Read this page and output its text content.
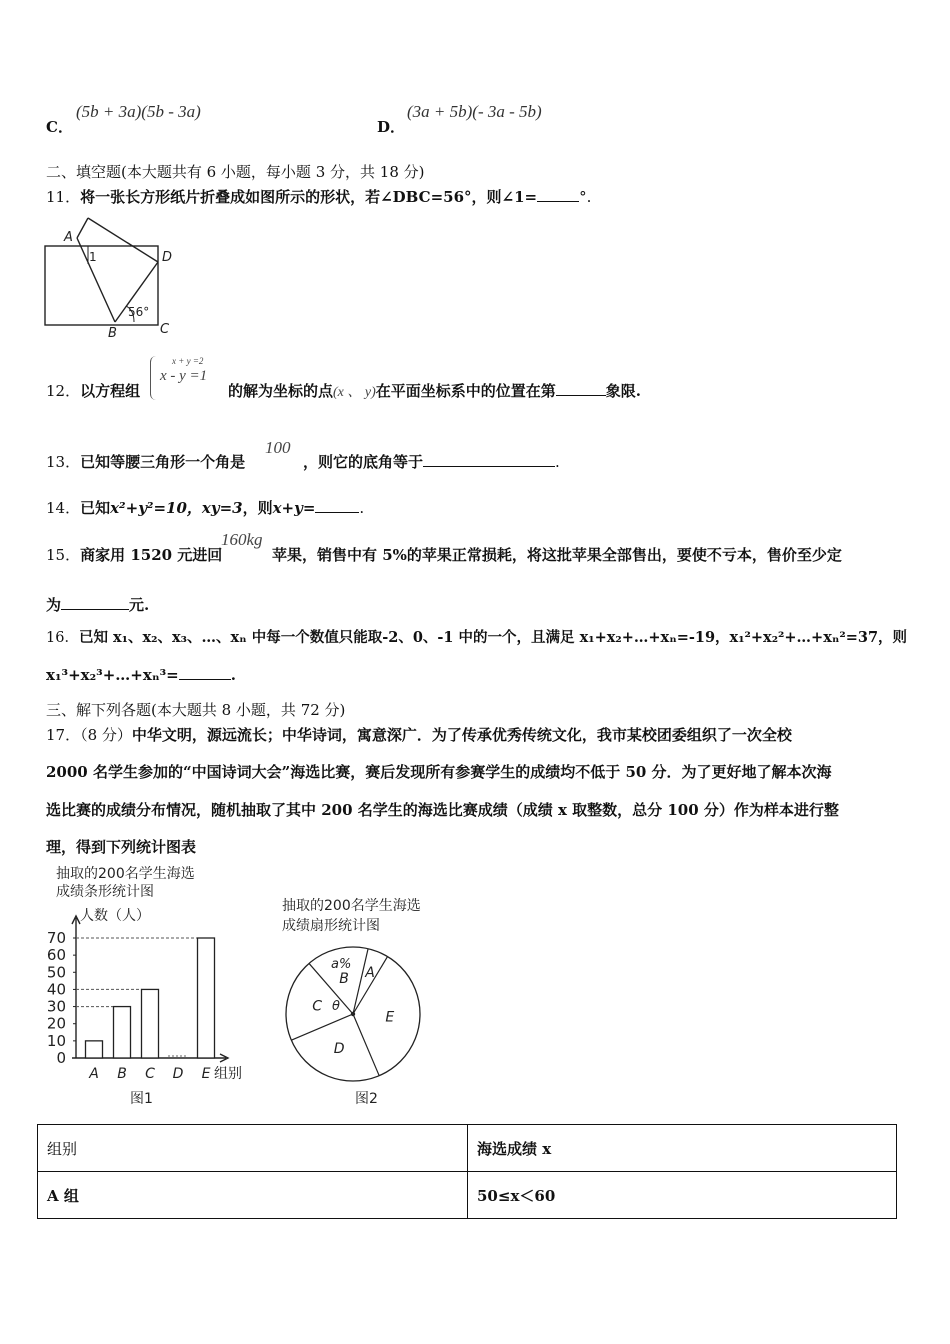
C．
(5b + 3a)(5b - 3a)
D．
(3a + 5b)(- 3a - 5b)
二、填空题(本大题共有 6 小题，每小题 3 分，共 18 分)
11．将一张长方形纸片折叠成如图所示的形状，若∠DBC=56°，则∠1=	°.
A
1	D
56°
B	C
12．以方程组
x + y =2
x - y =1
的解为坐标的点(x 、 y)在平面坐标系中的位置在第	象限.
13．已知等腰三角形一个角是
100
，则它的底角等于	.
14．已知x²+y²=10，xy=3，则x+y=	.
15．商家用 1520 元进回
160kg
苹果，销售中有 5%的苹果正常损耗，将这批苹果全部售出，要使不亏本，售价至少定
为	元.
16．已知 x₁、x₂、x₃、…、xₙ 中每一个数值只能取-2、0、-1 中的一个，且满足 x₁+x₂+…+xₙ=-19，x₁²+x₂²+…+xₙ²=37，则
x₁³+x₂³+…+xₙ³=	.
三、解下列各题(本大题共 8 小题，共 72 分)
17．（8 分）中华文明，源远流长；中华诗词，寓意深广．为了传承优秀传统文化，我市某校团委组织了一次全校
2000 名学生参加的“中国诗词大会”海选比赛，赛后发现所有参赛学生的成绩均不低于 50 分．为了更好地了解本次海
选比赛的成绩分布情况，随机抽取了其中 200 名学生的海选比赛成绩（成绩 x 取整数，总分 100 分）作为样本进行整
理，得到下列统计图表
抽取的200名学生海选
成绩条形统计图
人数（人）
0
10
20
30
40
50
60
70
A B C D E 组别
图1
抽取的200名学生海选
成绩扇形统计图
A
B
C
D
E
a%
θ
图2
组别	海选成绩 x
A 组	50≤x＜60
